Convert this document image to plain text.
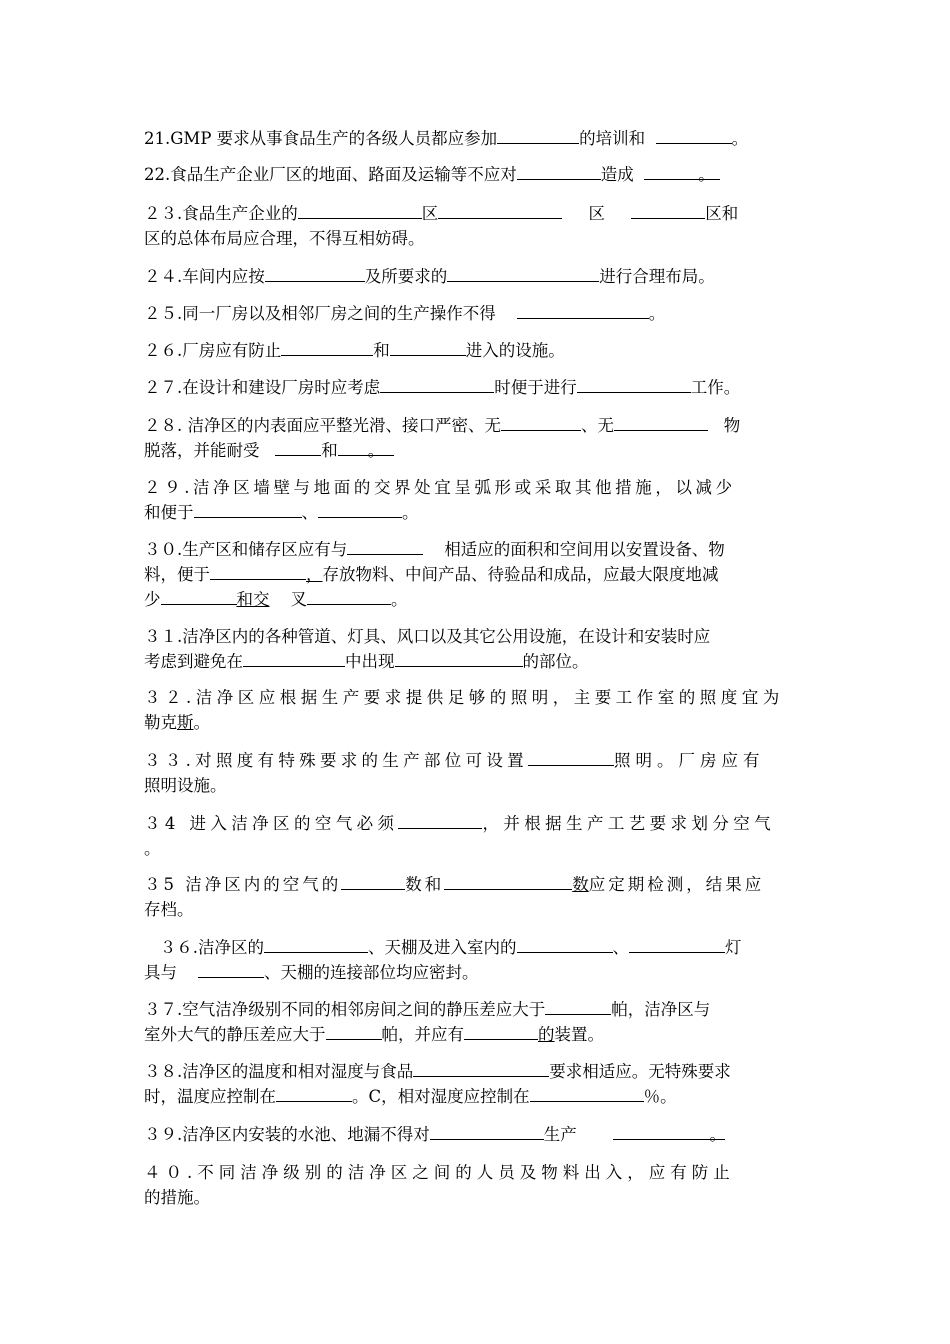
21.GMP 要求从事食品生产的各级人员都应参加	的培训和	。
22.食品生产企业厂区的地面、路面及运输等不应对	造成	。
２３.食品生产企业的	区	区	区和
区的总体布局应合理，不得互相妨碍。
２４.车间内应按	及所要求的	进行合理布局。
２５.同一厂房以及相邻厂房之间的生产操作不得	。
２６.厂房应有防止	和	进入的设施。
２７.在设计和建设厂房时应考虑	时便于进行	工作。
２８. 洁净区的内表面应平整光滑、接口严密、无	、无	物
脱落，并能耐受	和 。
２９.洁净区墙壁与地面的交界处宜呈弧形或采取其他措施，以减少
和便于	、	。
３０.生产区和储存区应有与	相适应的面积和空间用以安置设备、物
料，便于	，存放物料、中间产品、待验品和成品，应最大限度地减
少	和交 叉	。
３１.洁净区内的各种管道、灯具、风口以及其它公用设施，在设计和安装时应
考虑到避免在	中出现	的部位。
３２.洁净区应根据生产要求提供足够的照明，主要工作室的照度宜为
勒克斯。
３３.对照度有特殊要求的生产部位可设置	照明。厂房应有
照明设施。
３4 进入洁净区的空气必须	，并根据生产工艺要求划分空气
。
３5 洁净区内的空气的	数和	数应定期检测，结果应
存档。
３６.洁净区的	、天棚及进入室内的	、	灯
具与	、天棚的连接部位均应密封。
３７.空气洁净级别不同的相邻房间之间的静压差应大于	帕，洁净区与
室外大气的静压差应大于	帕，并应有	的装置。
３８.洁净区的温度和相对湿度与食品	要求相适应。无特殊要求
时，温度应控制在	。C，相对湿度应控制在	％。
３９.洁净区内安装的水池、地漏不得对	生产	。
４０.不同洁净级别的洁净区之间的人员及物料出入，应有防止
的措施。
